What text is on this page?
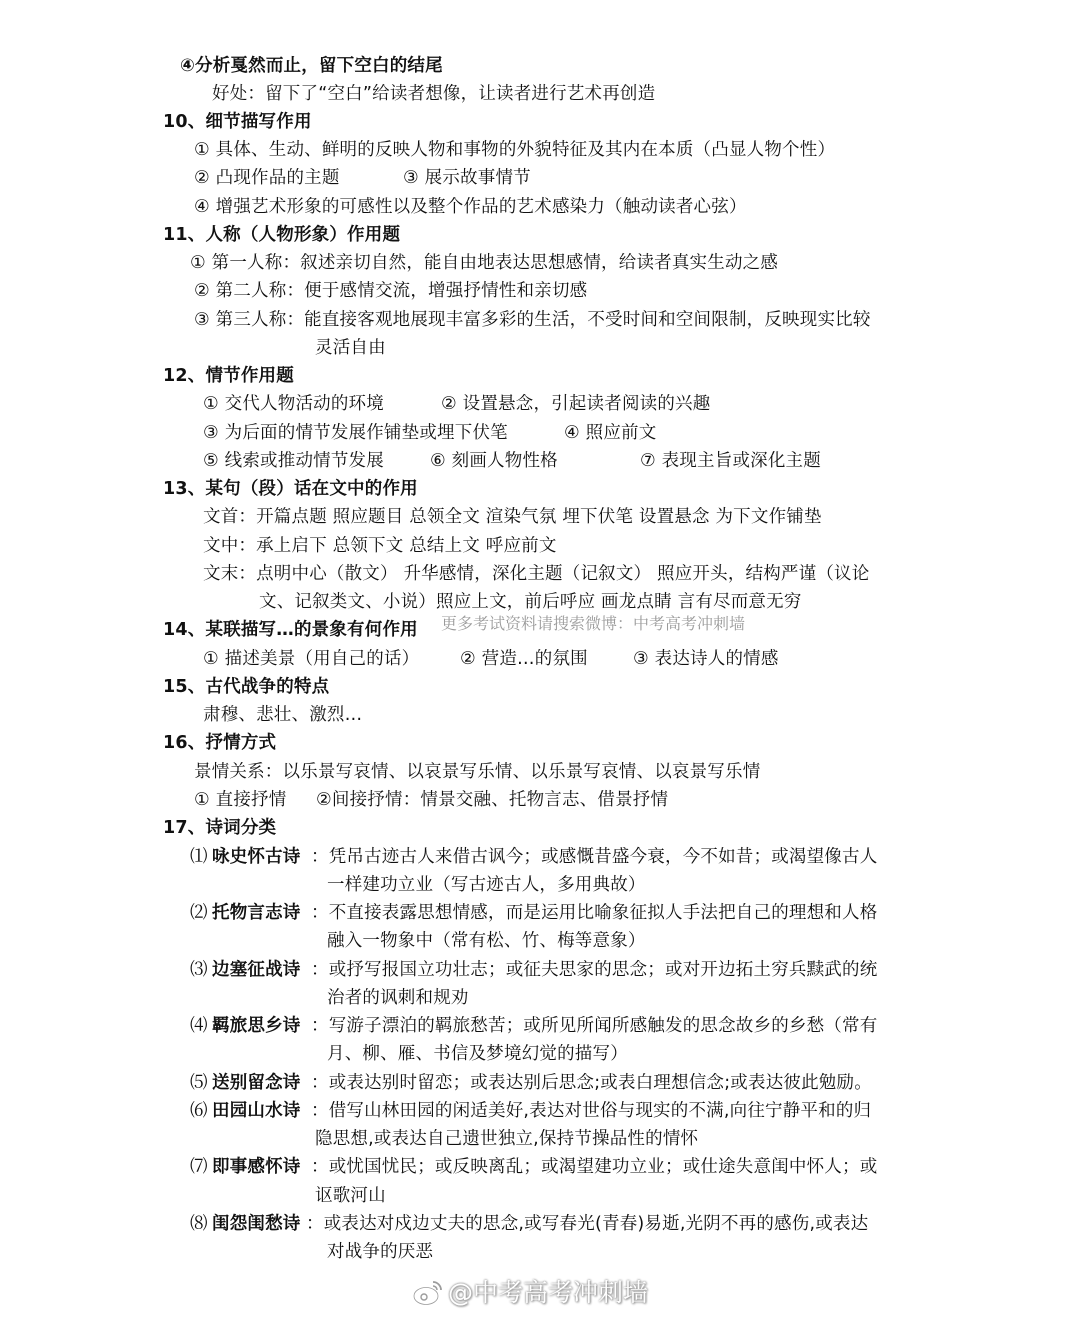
④分析戛然而止，留下空白的结尾
好处：留下了“空白”给读者想像，让读者进行艺术再创造
10、细节描写作用
① 具体、生动、鲜明的反映人物和事物的外貌特征及其内在本质（凸显人物个性）
② 凸现作品的主题	③ 展示故事情节
④ 增强艺术形象的可感性以及整个作品的艺术感染力（触动读者心弦）
11、人称（人物形象）作用题
① 第一人称：叙述亲切自然，能自由地表达思想感情，给读者真实生动之感
② 第二人称：便于感情交流，增强抒情性和亲切感
③ 第三人称：能直接客观地展现丰富多彩的生活，不受时间和空间限制，反映现实比较
灵活自由
12、情节作用题
① 交代人物活动的环境	② 设置悬念，引起读者阅读的兴趣
③ 为后面的情节发展作铺垫或埋下伏笔	④ 照应前文
⑤ 线索或推动情节发展	⑥ 刻画人物性格	⑦ 表现主旨或深化主题
13、某句（段）话在文中的作用
文首：开篇点题 照应题目 总领全文 渲染气氛 埋下伏笔 设置悬念 为下文作铺垫
文中：承上启下 总领下文 总结上文 呼应前文
文末：点明中心（散文） 升华感情，深化主题（记叙文） 照应开头，结构严谨（议论
文、记叙类文、小说）照应上文，前后呼应 画龙点睛 言有尽而意无穷
14、某联描写…的景象有何作用
① 描述美景（用自己的话） ② 营造…的氛围	③ 表达诗人的情感
15、古代战争的特点
肃穆、悲壮、激烈…
16、抒情方式
景情关系：以乐景写哀情、以哀景写乐情、以乐景写哀情、以哀景写乐情
① 直接抒情 ②间接抒情：情景交融、托物言志、借景抒情
17、诗词分类
⑴ 咏史怀古诗 ：凭吊古迹古人来借古讽今；或感慨昔盛今衰，今不如昔；或渴望像古人
一样建功立业（写古迹古人，多用典故）
⑵ 托物言志诗 ：不直接表露思想情感，而是运用比喻象征拟人手法把自己的理想和人格
融入一物象中（常有松、竹、梅等意象）
⑶ 边塞征战诗 ：或抒写报国立功壮志；或征夫思家的思念；或对开边拓土穷兵黩武的统
治者的讽刺和规劝
⑷ 羁旅思乡诗 ：写游子漂泊的羁旅愁苦；或所见所闻所感触发的思念故乡的乡愁（常有
月、柳、雁、书信及梦境幻觉的描写）
⑸ 送别留念诗 ：或表达别时留恋；或表达别后思念;或表白理想信念;或表达彼此勉励。
⑹ 田园山水诗 ：借写山林田园的闲适美好,表达对世俗与现实的不满,向往宁静平和的归
隐思想,或表达自己遗世独立,保持节操品性的情怀
⑺ 即事感怀诗 ：或忧国忧民；或反映离乱；或渴望建功立业；或仕途失意闺中怀人；或
讴歌河山
⑻ 闺怨闺愁诗 ：或表达对戍边丈夫的思念,或写春光(青春)易逝,光阴不再的感伤,或表达
对战争的厌恶
更多考试资料请搜索微博：中考高考冲刺墙
@中考高考冲刺墙
